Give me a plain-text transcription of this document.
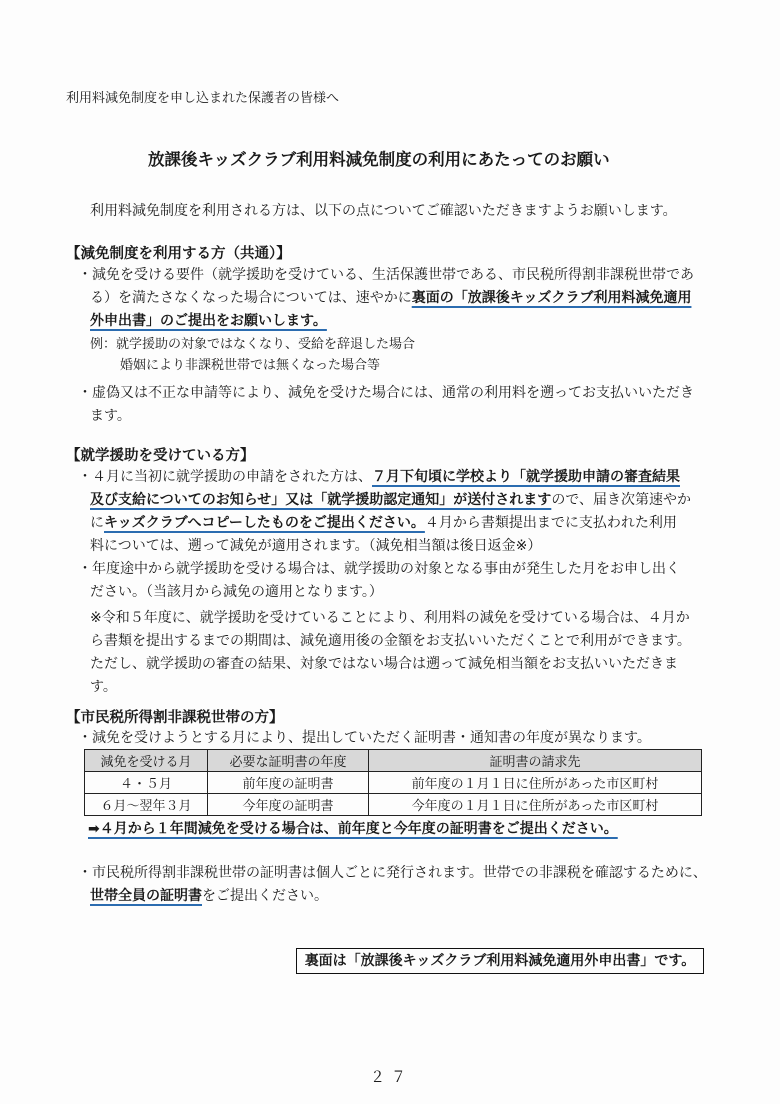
利用料減免制度を申し込まれた保護者の皆様へ

放課後キッズクラブ利用料減免制度の利用にあたってのお願い

利用料減免制度を利用される方は、以下の点についてご確認いただきますようお願いします。

【減免制度を利用する方（共通）】

・減免を受ける要件（就学援助を受けている、生活保護世帯である、市民税所得割非課税世帯であ

る）を満たさなくなった場合については、速やかに裏面の「放課後キッズクラブ利用料減免適用

外申出書」のご提出をお願いします。

例：就学援助の対象ではなくなり、受給を辞退した場合

婚姻により非課税世帯では無くなった場合等

・虚偽又は不正な申請等により、減免を受けた場合には、通常の利用料を遡ってお支払いいただき

ます。

【就学援助を受けている方】

・４月に当初に就学援助の申請をされた方は、７月下旬頃に学校より「就学援助申請の審査結果

及び支給についてのお知らせ」又は「就学援助認定通知」が送付されますので、届き次第速やか

にキッズクラブへコピーしたものをご提出ください。４月から書類提出までに支払われた利用

料については、遡って減免が適用されます。（減免相当額は後日返金※）

・年度途中から就学援助を受ける場合は、就学援助の対象となる事由が発生した月をお申し出く

ださい。（当該月から減免の適用となります。）

※令和５年度に、就学援助を受けていることにより、利用料の減免を受けている場合は、４月か

ら書類を提出するまでの期間は、減免適用後の金額をお支払いいただくことで利用ができます。

ただし、就学援助の審査の結果、対象ではない場合は遡って減免相当額をお支払いいただきま

す。

【市民税所得割非課税世帯の方】

・減免を受けようとする月により、提出していただく証明書・通知書の年度が異なります。

減免を受ける月	必要な証明書の年度	証明書の請求先
４・５月	前年度の証明書	前年度の１月１日に住所があった市区町村
６月～翌年３月	今年度の証明書	今年度の１月１日に住所があった市区町村

➡４月から１年間減免を受ける場合は、前年度と今年度の証明書をご提出ください。

・市民税所得割非課税世帯の証明書は個人ごとに発行されます。世帯での非課税を確認するために、

世帯全員の証明書をご提出ください。

裏面は「放課後キッズクラブ利用料減免適用外申出書」です。

２７
